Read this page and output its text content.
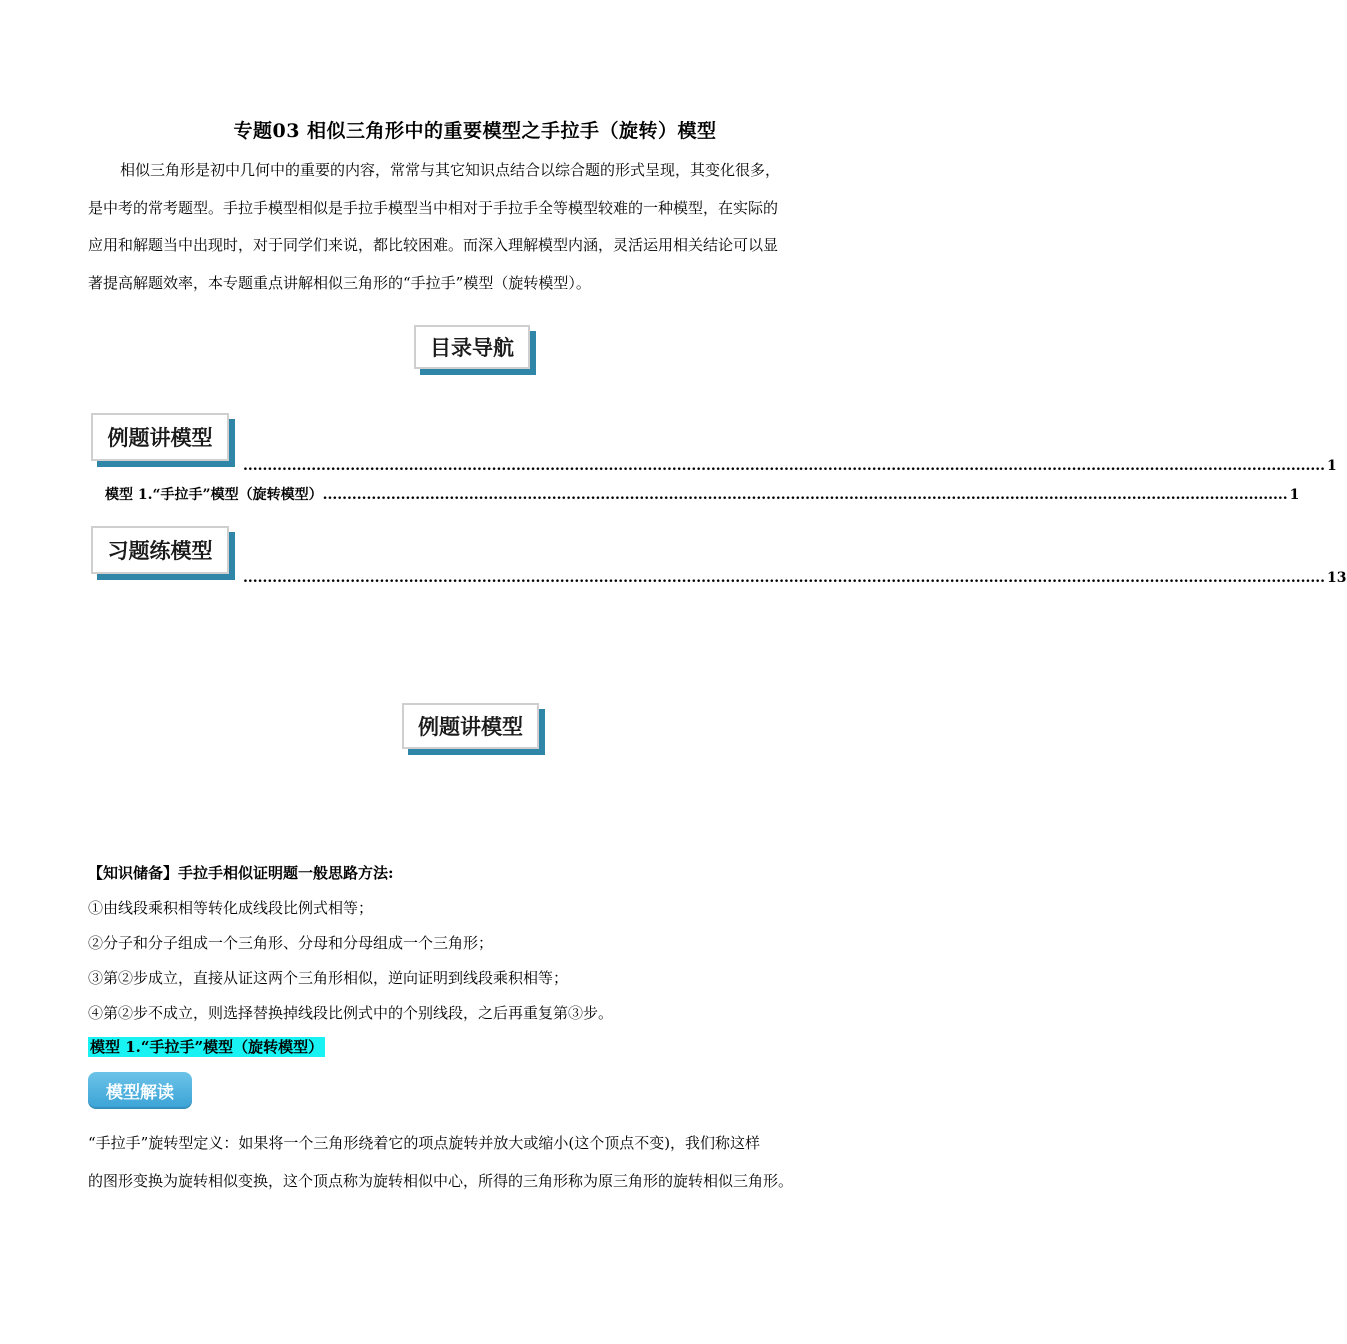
专题03 相似三角形中的重要模型之手拉手（旋转）模型

相似三角形是初中几何中的重要的内容，常常与其它知识点结合以综合题的形式呈现，其变化很多，

是中考的常考题型。手拉手模型相似是手拉手模型当中相对于手拉手全等模型较难的一种模型，在实际的

应用和解题当中出现时，对于同学们来说，都比较困难。而深入理解模型内涵，灵活运用相关结论可以显

著提高解题效率，本专题重点讲解相似三角形的“手拉手”模型（旋转模型）。

目录导航
例题讲模型
.............................................................................................................................................................................................................................. 1
模型 1.“手拉手”模型（旋转模型） ...................................................................................................................................................................................................... 1
习题练模型
.............................................................................................................................................................................................................................. 13
例题讲模型
【知识储备】手拉手相似证明题一般思路方法:
①由线段乘积相等转化成线段比例式相等；
②分子和分子组成一个三角形、分母和分母组成一个三角形；
③第②步成立，直接从证这两个三角形相似，逆向证明到线段乘积相等；
④第②步不成立，则选择替换掉线段比例式中的个别线段，之后再重复第③步。
模型 1.“手拉手”模型（旋转模型）
模型解读

“手拉手”旋转型定义：如果将一个三角形绕着它的项点旋转并放大或缩小(这个顶点不变)，我们称这样

的图形变换为旋转相似变换，这个顶点称为旋转相似中心，所得的三角形称为原三角形的旋转相似三角形。
